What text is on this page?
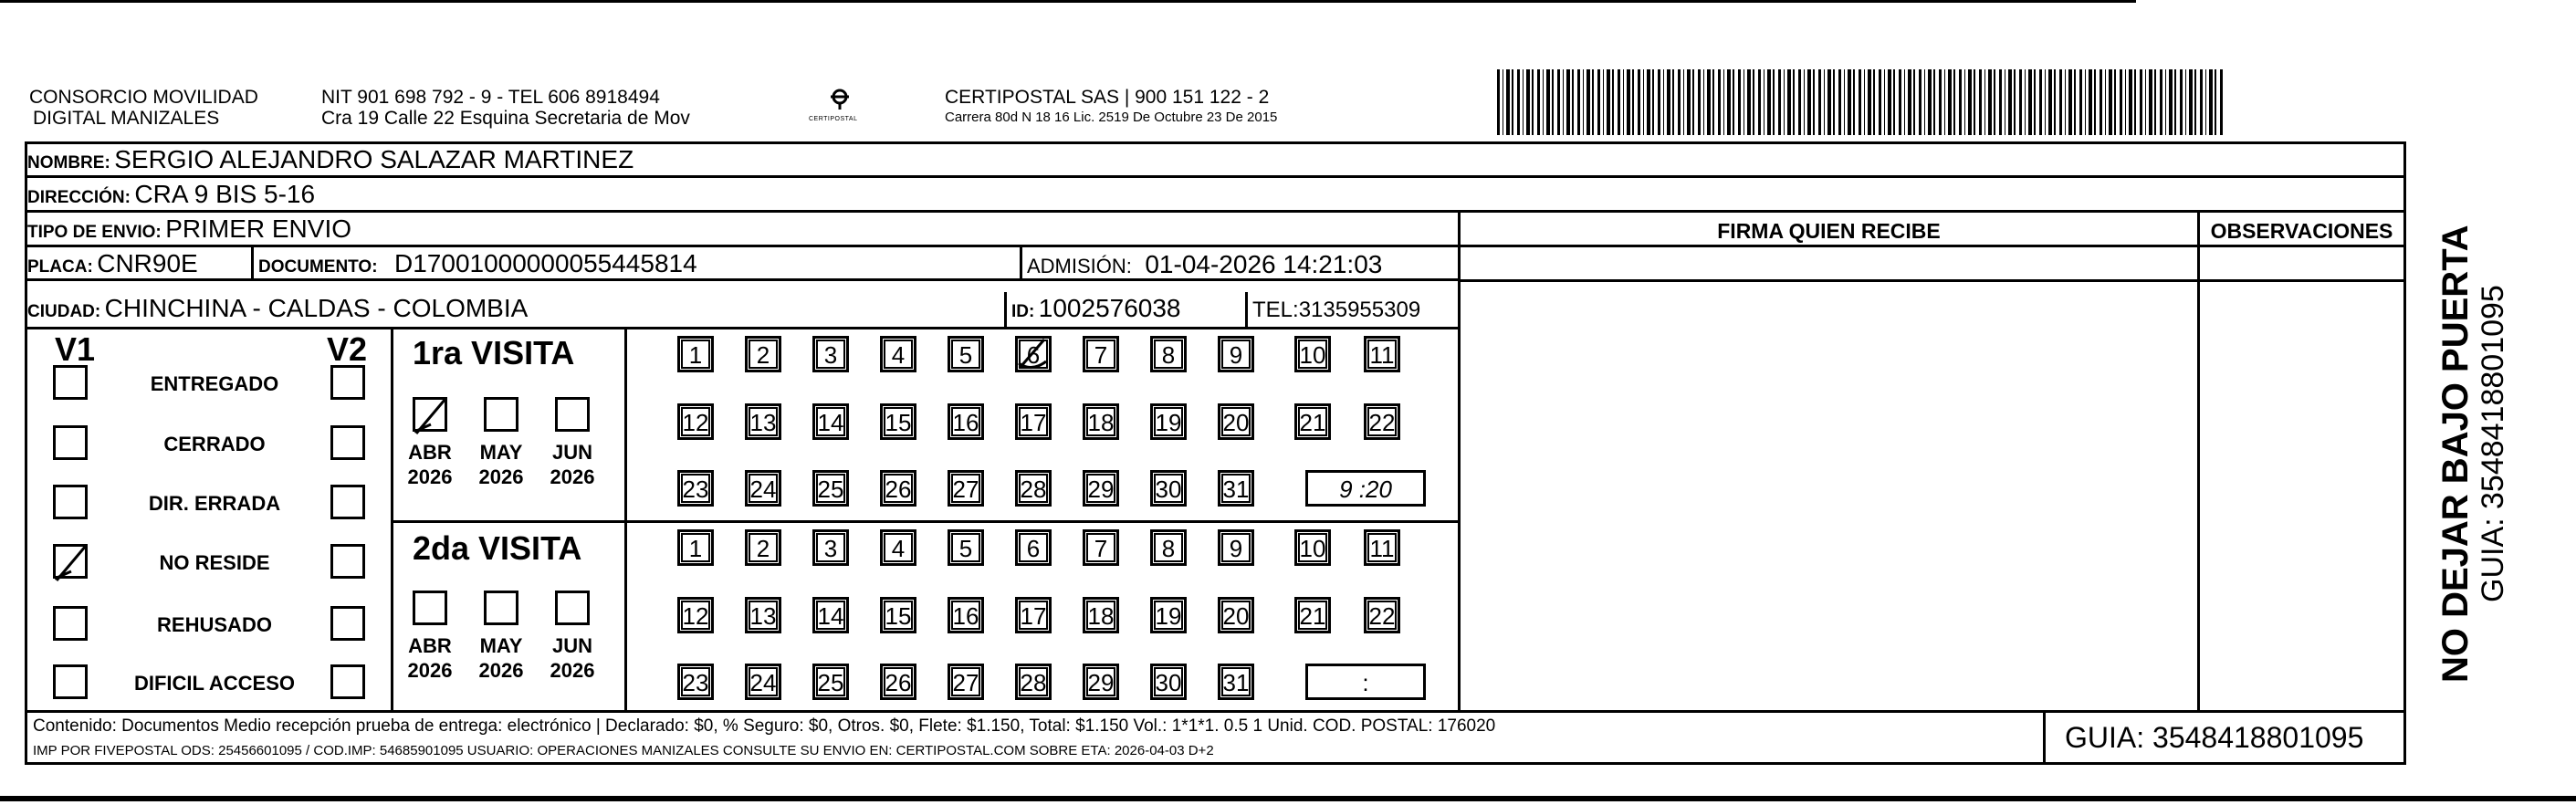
CONSORCIO MOVILIDAD
DIGITAL MANIZALES
NIT 901 698 792 - 9 - TEL 606 8918494
Cra 19 Calle 22 Esquina Secretaria de Mov	CERTIPOSTAL
CERTIPOSTAL SAS | 900 151 122 - 2
Carrera 80d N 18 16 Lic. 2519 De Octubre 23 De 2015
NOMBRE: SERGIO ALEJANDRO SALAZAR MARTINEZ
DIRECCIÓN: CRA 9 BIS 5-16
TIPO DE ENVIO: PRIMER ENVIO	FIRMA QUIEN RECIBE	OBSERVACIONES
PLACA: CNR90E	DOCUMENTO: D17001000000055445814	ADMISIÓN: 01-04-2026 14:21:03
CIUDAD: CHINCHINA - CALDAS - COLOMBIA	ID: 1002576038	TEL:3135955309
V1	V2 1ra VISITA
2da VISITA
Contenido: Documentos Medio recepción prueba de entrega: electrónico | Declarado: $0, % Seguro: $0, Otros. $0, Flete: $1.150, Total: $1.150 Vol.: 1*1*1. 0.5 1 Unid. COD. POSTAL: 176020
IMP POR FIVEPOSTAL ODS: 25456601095 / COD.IMP: 54685901095 USUARIO: OPERACIONES MANIZALES CONSULTE SU ENVIO EN: CERTIPOSTAL.COM SOBRE ETA: 2026-04-03 D+2	GUIA: 3548418801095
NO DEJAR BAJO PUERTA GUIA: 3548418801095
ENTREGADO
CERRADO
DIR. ERRADA
NO RESIDE
REHUSADO
DIFICIL ACCESO
ABR
2026
MAY
2026
JUN
2026
1	2	3	4	5	6	7	8	9	10 11
12 13 14 15 16 17 18 19 20 21 22
23 24 25 26 27 28 29 30 31	9 :20
ABR
2026
MAY
2026
JUN
2026
1	2	3	4	5	6	7	8	9	10 11
12 13 14 15 16 17 18 19 20 21 22
23 24 25 26 27 28 29 30 31	:
